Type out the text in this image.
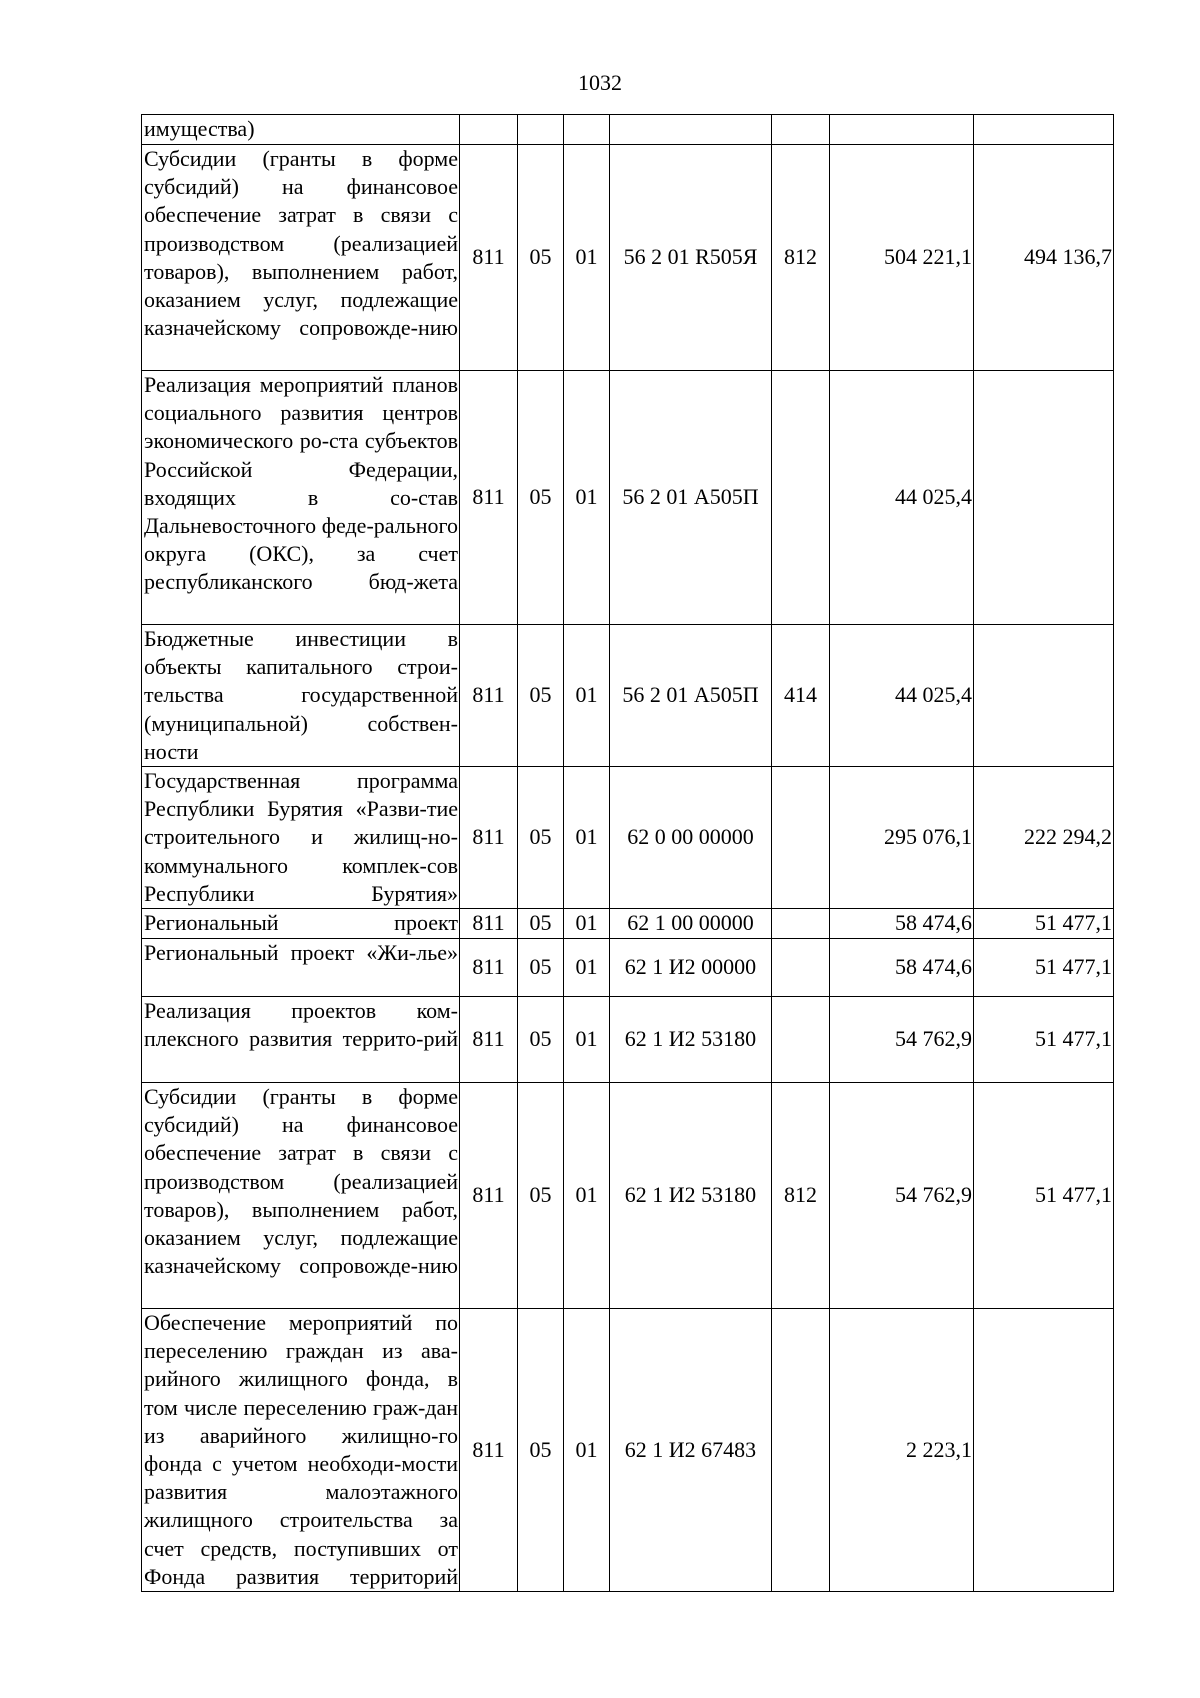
1032
имущества)							
Субсидии (гранты в форме субсидий) на финансовое обеспечение затрат в связи с производством (реализацией товаров), выполнением работ, оказанием услуг, подлежащие казначейскому сопровожде-нию	811	05	01	56 2 01 R505Я	812	504 221,1	494 136,7
Реализация мероприятий планов социального развития центров экономического ро-ста субъектов Российской Федерации, входящих в со-став Дальневосточного феде-рального округа (ОКС), за счет республиканского бюд-жета	811	05	01	56 2 01 А505П		44 025,4	
Бюджетные инвестиции в объекты капитального строи-тельства государственной (муниципальной) собствен-ности	811	05	01	56 2 01 А505П	414	44 025,4	
Государственная программа Республики Бурятия «Разви-тие строительного и жилищ-но-коммунального комплек-сов Республики Бурятия»	811	05	01	62 0 00 00000		295 076,1	222 294,2
Региональный проект	811	05	01	62 1 00 00000		58 474,6	51 477,1
Региональный проект «Жи-лье»	811	05	01	62 1 И2 00000		58 474,6	51 477,1
Реализация проектов ком-плексного развития террито-рий	811	05	01	62 1 И2 53180		54 762,9	51 477,1
Субсидии (гранты в форме субсидий) на финансовое обеспечение затрат в связи с производством (реализацией товаров), выполнением работ, оказанием услуг, подлежащие казначейскому сопровожде-нию	811	05	01	62 1 И2 53180	812	54 762,9	51 477,1
Обеспечение мероприятий по переселению граждан из ава-рийного жилищного фонда, в том числе переселению граж-дан из аварийного жилищно-го фонда с учетом необходи-мости развития малоэтажного жилищного строительства за счет средств, поступивших от Фонда развития территорий	811	05	01	62 1 И2 67483		2 223,1	
